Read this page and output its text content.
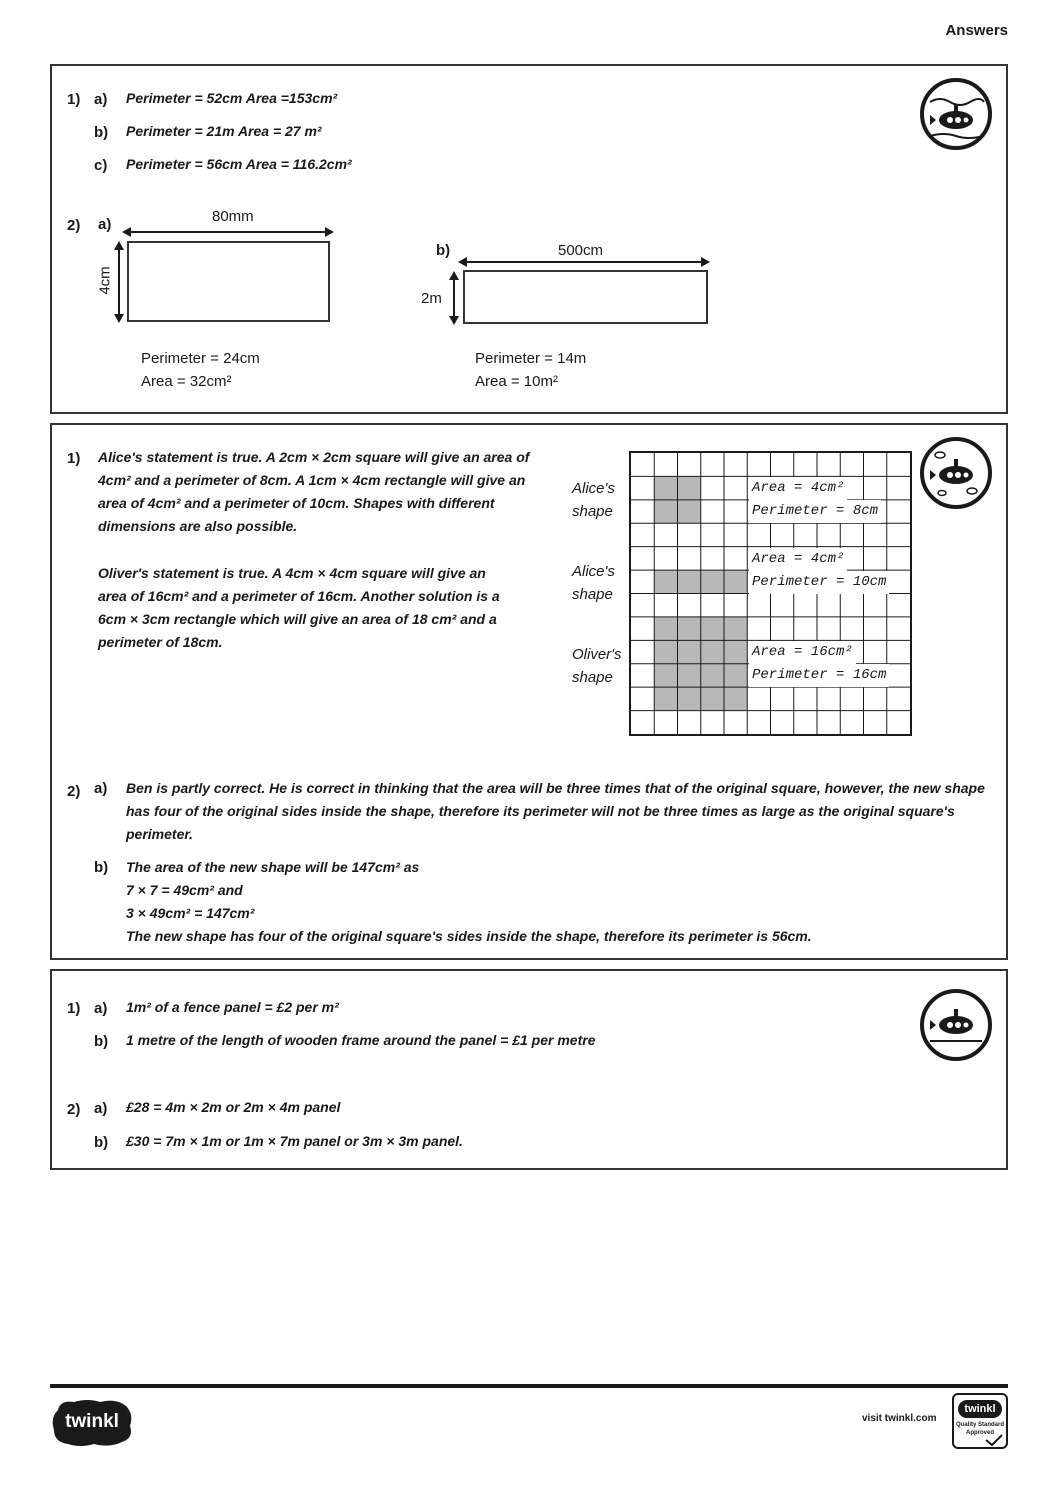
Answers
1) a) Perimeter = 52cm Area =153cm²
b) Perimeter = 21m Area = 27 m²
c) Perimeter = 56cm Area = 116.2cm²
2) a)	80mm
4cm
Perimeter = 24cm
Area = 32cm²
b)	500cm
2m
Perimeter = 14m
Area = 10m²
1) Alice's statement is true. A 2cm × 2cm square will give an area of 4cm² and a perimeter of 8cm. A 1cm × 4cm rectangle will give an area of 4cm² and a perimeter of 10cm. Shapes with different dimensions are also possible.
Oliver's statement is true. A 4cm × 4cm square will give an area of 16cm² and a perimeter of 16cm. Another solution is a 6cm × 3cm rectangle which will give an area of 18 cm² and a perimeter of 18cm.
Area = 4cm²
Perimeter = 8cm
Area = 4cm²
Perimeter = 10cm
Area = 16cm²
Perimeter = 16cm
Alice's
shape
Alice's
shape
Oliver's
shape
2) a) Ben is partly correct. He is correct in thinking that the area will be three times that of the original square, however, the new shape has four of the original sides inside the shape, therefore its perimeter will not be three times as large as the original square's perimeter.
b) The area of the new shape will be 147cm² as
7 × 7 = 49cm² and
3 × 49cm² = 147cm²
The new shape has four of the original square's sides inside the shape, therefore its perimeter is 56cm.
1) a) 1m² of a fence panel = £2 per m²
b) 1 metre of the length of wooden frame around the panel = £1 per metre
2) a) £28 = 4m × 2m or 2m × 4m panel
b) £30 = 7m × 1m or 1m × 7m panel or 3m × 3m panel.
twinkl	visit twinkl.com
twinkl
Quality Standard
Approved
